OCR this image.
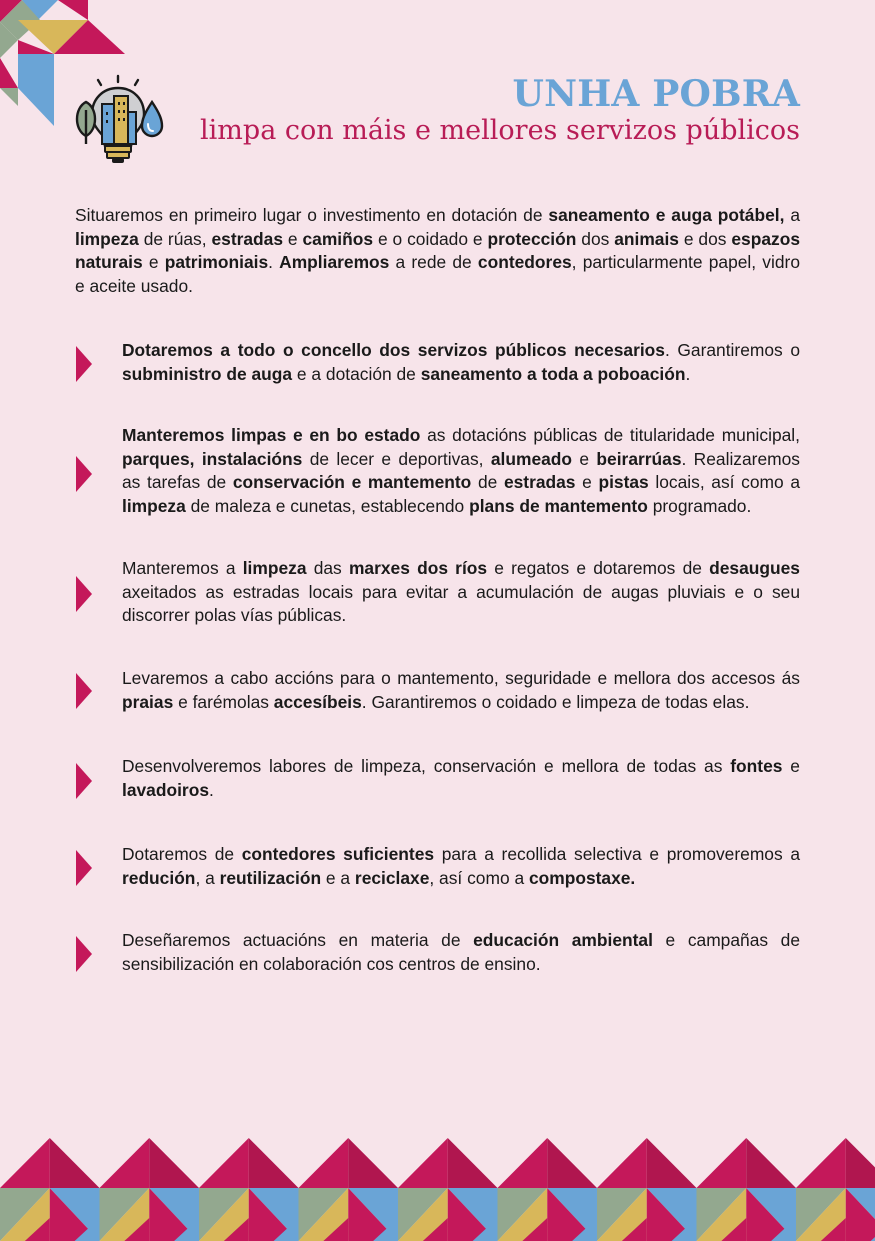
UNHA POBRA
limpa con máis e mellores servizos públicos
Situaremos en primeiro lugar o investimento en dotación de saneamento e auga potábel, a limpeza de rúas, estradas e camiños e o coidado e protección dos animais e dos espazos naturais e patrimoniais. Ampliaremos a rede de contedores, particularmente papel, vidro e aceite usado.
Dotaremos a todo o concello dos servizos públicos necesarios. Garantiremos o subministro de auga e a dotación de saneamento a toda a poboación.
Manteremos limpas e en bo estado as dotacións públicas de titularidade municipal, parques, instalacións de lecer e deportivas, alumeado e beirarrúas. Realizaremos as tarefas de conservación e mantemento de estradas e pistas locais, así como a limpeza de maleza e cunetas, establecendo plans de mantemento programado.
Manteremos a limpeza das marxes dos ríos e regatos e dotaremos de desaugues axeitados as estradas locais para evitar a acumulación de augas pluviais e o seu discorrer polas vías públicas.
Levaremos a cabo accións para o mantemento, seguridade e mellora dos accesos ás praias e farémolas accesíbeis. Garantiremos o coidado e limpeza de todas elas.
Desenvolveremos labores de limpeza, conservación e mellora de todas as fontes e lavadoiros.
Dotaremos de contedores suficientes para a recollida selectiva e promoveremos a redución, a reutilización e a reciclaxe, así como a compostaxe.
Deseñaremos actuacións en materia de educación ambiental e campañas de sensibilización en colaboración cos centros de ensino.
